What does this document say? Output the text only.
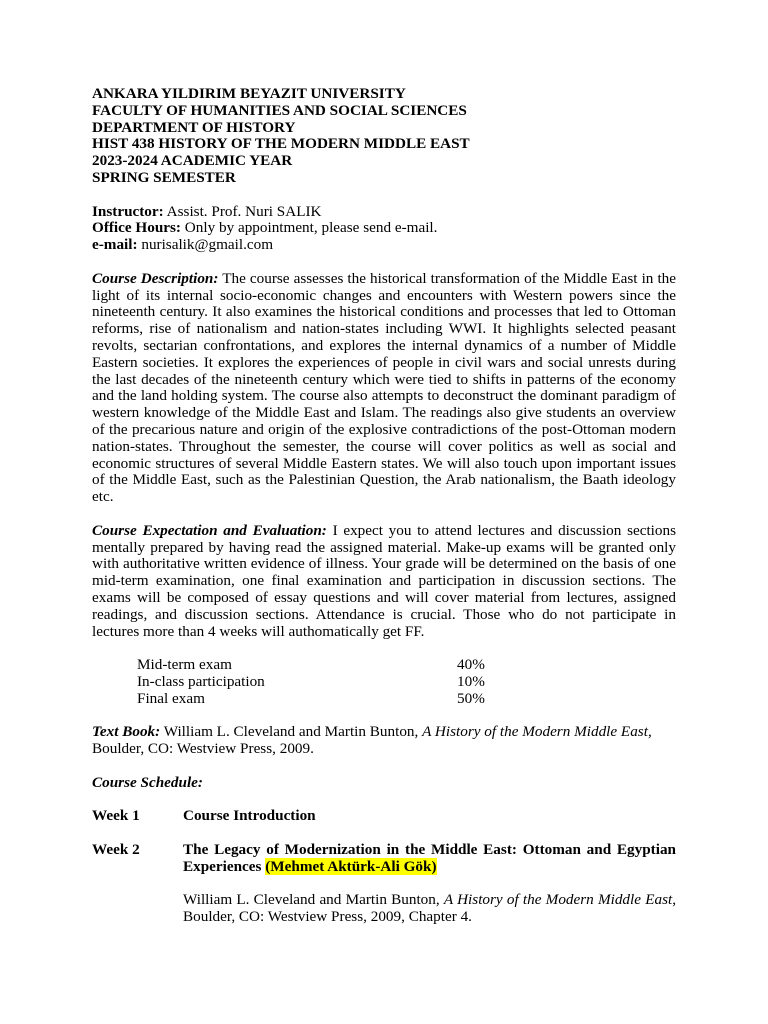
ANKARA YILDIRIM BEYAZIT UNIVERSITY

FACULTY OF HUMANITIES AND SOCIAL SCIENCES

DEPARTMENT OF HISTORY

HIST 438 HISTORY OF THE MODERN MIDDLE EAST

2023-2024 ACADEMIC YEAR

SPRING SEMESTER

Instructor: Assist. Prof. Nuri SALIK

Office Hours: Only by appointment, please send e-mail.

e-mail: nurisalik@gmail.com

Course Description: The course assesses the historical transformation of the Middle East in the light of its internal socio-economic changes and encounters with Western powers since the nineteenth century. It also examines the historical conditions and processes that led to Ottoman reforms, rise of nationalism and nation-states including WWI. It highlights selected peasant revolts, sectarian confrontations, and explores the internal dynamics of a number of Middle Eastern societies. It explores the experiences of people in civil wars and social unrests during the last decades of the nineteenth century which were tied to shifts in patterns of the economy and the land holding system. The course also attempts to deconstruct the dominant paradigm of western knowledge of the Middle East and Islam. The readings also give students an overview of the precarious nature and origin of the explosive contradictions of the post-Ottoman modern nation-states. Throughout the semester, the course will cover politics as well as social and economic structures of several Middle Eastern states. We will also touch upon important issues of the Middle East, such as the Palestinian Question, the Arab nationalism, the Baath ideology etc.

Course Expectation and Evaluation: I expect you to attend lectures and discussion sections mentally prepared by having read the assigned material. Make-up exams will be granted only with authoritative written evidence of illness. Your grade will be determined on the basis of one mid-term examination, one final examination and participation in discussion sections. The exams will be composed of essay questions and will cover material from lectures, assigned readings, and discussion sections. Attendance is crucial. Those who do not participate in lectures more than 4 weeks will authomatically get FF.

Mid-term exam	40%
In-class participation	10%
Final exam	50%

Text Book: William L. Cleveland and Martin Bunton, A History of the Modern Middle East, Boulder, CO: Westview Press, 2009.

Course Schedule:

Week 1	Course Introduction
Week 2	The Legacy of Modernization in the Middle East: Ottoman and Egyptian Experiences (Mehmet Aktürk-Ali Gök)

William L. Cleveland and Martin Bunton, A History of the Modern Middle East, Boulder, CO: Westview Press, 2009, Chapter 4.
